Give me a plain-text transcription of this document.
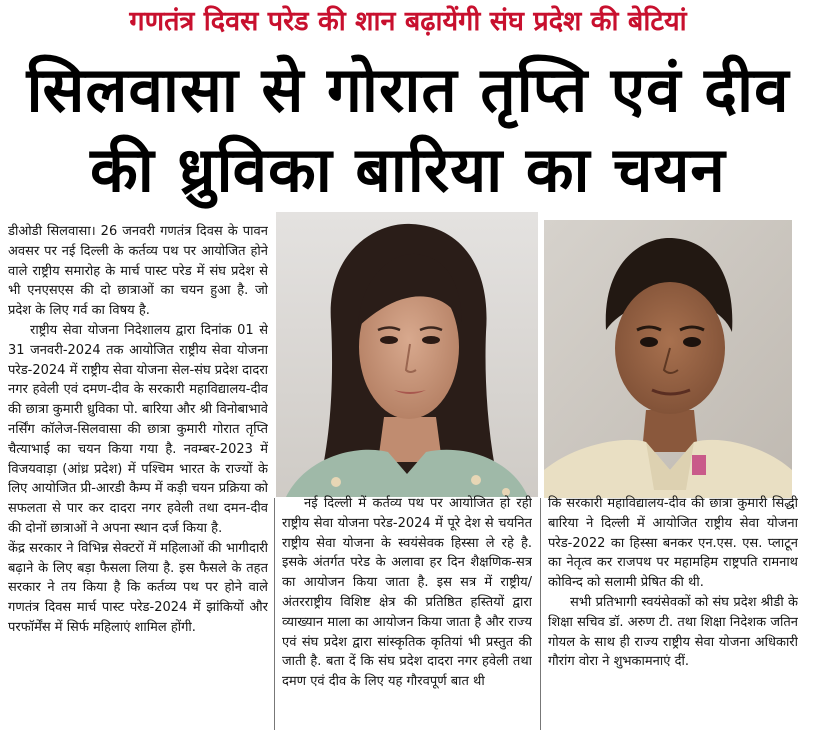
गणतंत्र दिवस परेड की शान बढ़ायेंगी संघ प्रदेश की बेटियां
सिलवासा से गोरात तृप्ति एवं दीव
की ध्रुविका बारिया का चयन

डीओडी सिलवासा। 26 जनवरी गणतंत्र दिवस के पावन अवसर पर नई दिल्ली के कर्तव्य पथ पर आयोजित होने वाले राष्ट्रीय समारोह के मार्च पास्ट परेड में संघ प्रदेश से भी एनएसएस की दो छात्राओं का चयन हुआ है. जो प्रदेश के लिए गर्व का विषय है.

राष्ट्रीय सेवा योजना निदेशालय द्वारा दिनांक 01 से 31 जनवरी-2024 तक आयोजित राष्ट्रीय सेवा योजना परेड-2024 में राष्ट्रीय सेवा योजना सेल-संघ प्रदेश दादरा नगर हवेली एवं दमण-दीव के सरकारी महाविद्यालय-दीव की छात्रा कुमारी ध्रुविका पो. बारिया और श्री विनोबाभावे नर्सिंग कॉलेज-सिलवासा की छात्रा कुमारी गोरात तृप्ति चैत्याभाई का चयन किया गया है. नवम्बर-2023 में विजयवाड़ा (आंध्र प्रदेश) में पश्चिम भारत के राज्यों के लिए आयोजित प्री-आरडी कैम्प में कड़ी चयन प्रक्रिया को सफलता से पार कर दादरा नगर हवेली तथा दमन-दीव की दोनों छात्राओं ने अपना स्थान दर्ज किया है.

केंद्र सरकार ने विभिन्न सेक्टरों में महिलाओं की भागीदारी बढ़ाने के लिए बड़ा फैसला लिया है. इस फैसले के तहत सरकार ने तय किया है कि कर्तव्य पथ पर होने वाले गणतंत्र दिवस मार्च पास्ट परेड-2024 में झांकियों और परफॉर्मेंस में सिर्फ महिलाएं शामिल होंगी.

नई दिल्ली में कर्तव्य पथ पर आयोजित हो रही राष्ट्रीय सेवा योजना परेड-2024 में पूरे देश से चयनित राष्ट्रीय सेवा योजना के स्वयंसेवक हिस्सा ले रहे है. इसके अंतर्गत परेड के अलावा हर दिन शैक्षणिक-सत्र का आयोजन किया जाता है. इस सत्र में राष्ट्रीय/अंतरराष्ट्रीय विशिष्ट क्षेत्र की प्रतिष्ठित हस्तियों द्वारा व्याख्यान माला का आयोजन किया जाता है और राज्य एवं संघ प्रदेश द्वारा सांस्कृतिक कृतियां भी प्रस्तुत की जाती है. बता दें कि संघ प्रदेश दादरा नगर हवेली तथा दमण एवं दीव के लिए यह गौरवपूर्ण बात थी

कि सरकारी महाविद्यालय-दीव की छात्रा कुमारी सिद्धी बारिया ने दिल्ली में आयोजित राष्ट्रीय सेवा योजना परेड-2022 का हिस्सा बनकर एन.एस. एस. प्लाटून का नेतृत्व कर राजपथ पर महामहिम राष्ट्रपति रामनाथ कोविन्द को सलामी प्रेषित की थी.

सभी प्रतिभागी स्वयंसेवकों को संघ प्रदेश श्रीडी के शिक्षा सचिव डॉ. अरुण टी. तथा शिक्षा निदेशक जतिन गोयल के साथ ही राज्य राष्ट्रीय सेवा योजना अधिकारी गौरांग वोरा ने शुभकामनाएं दीं.
